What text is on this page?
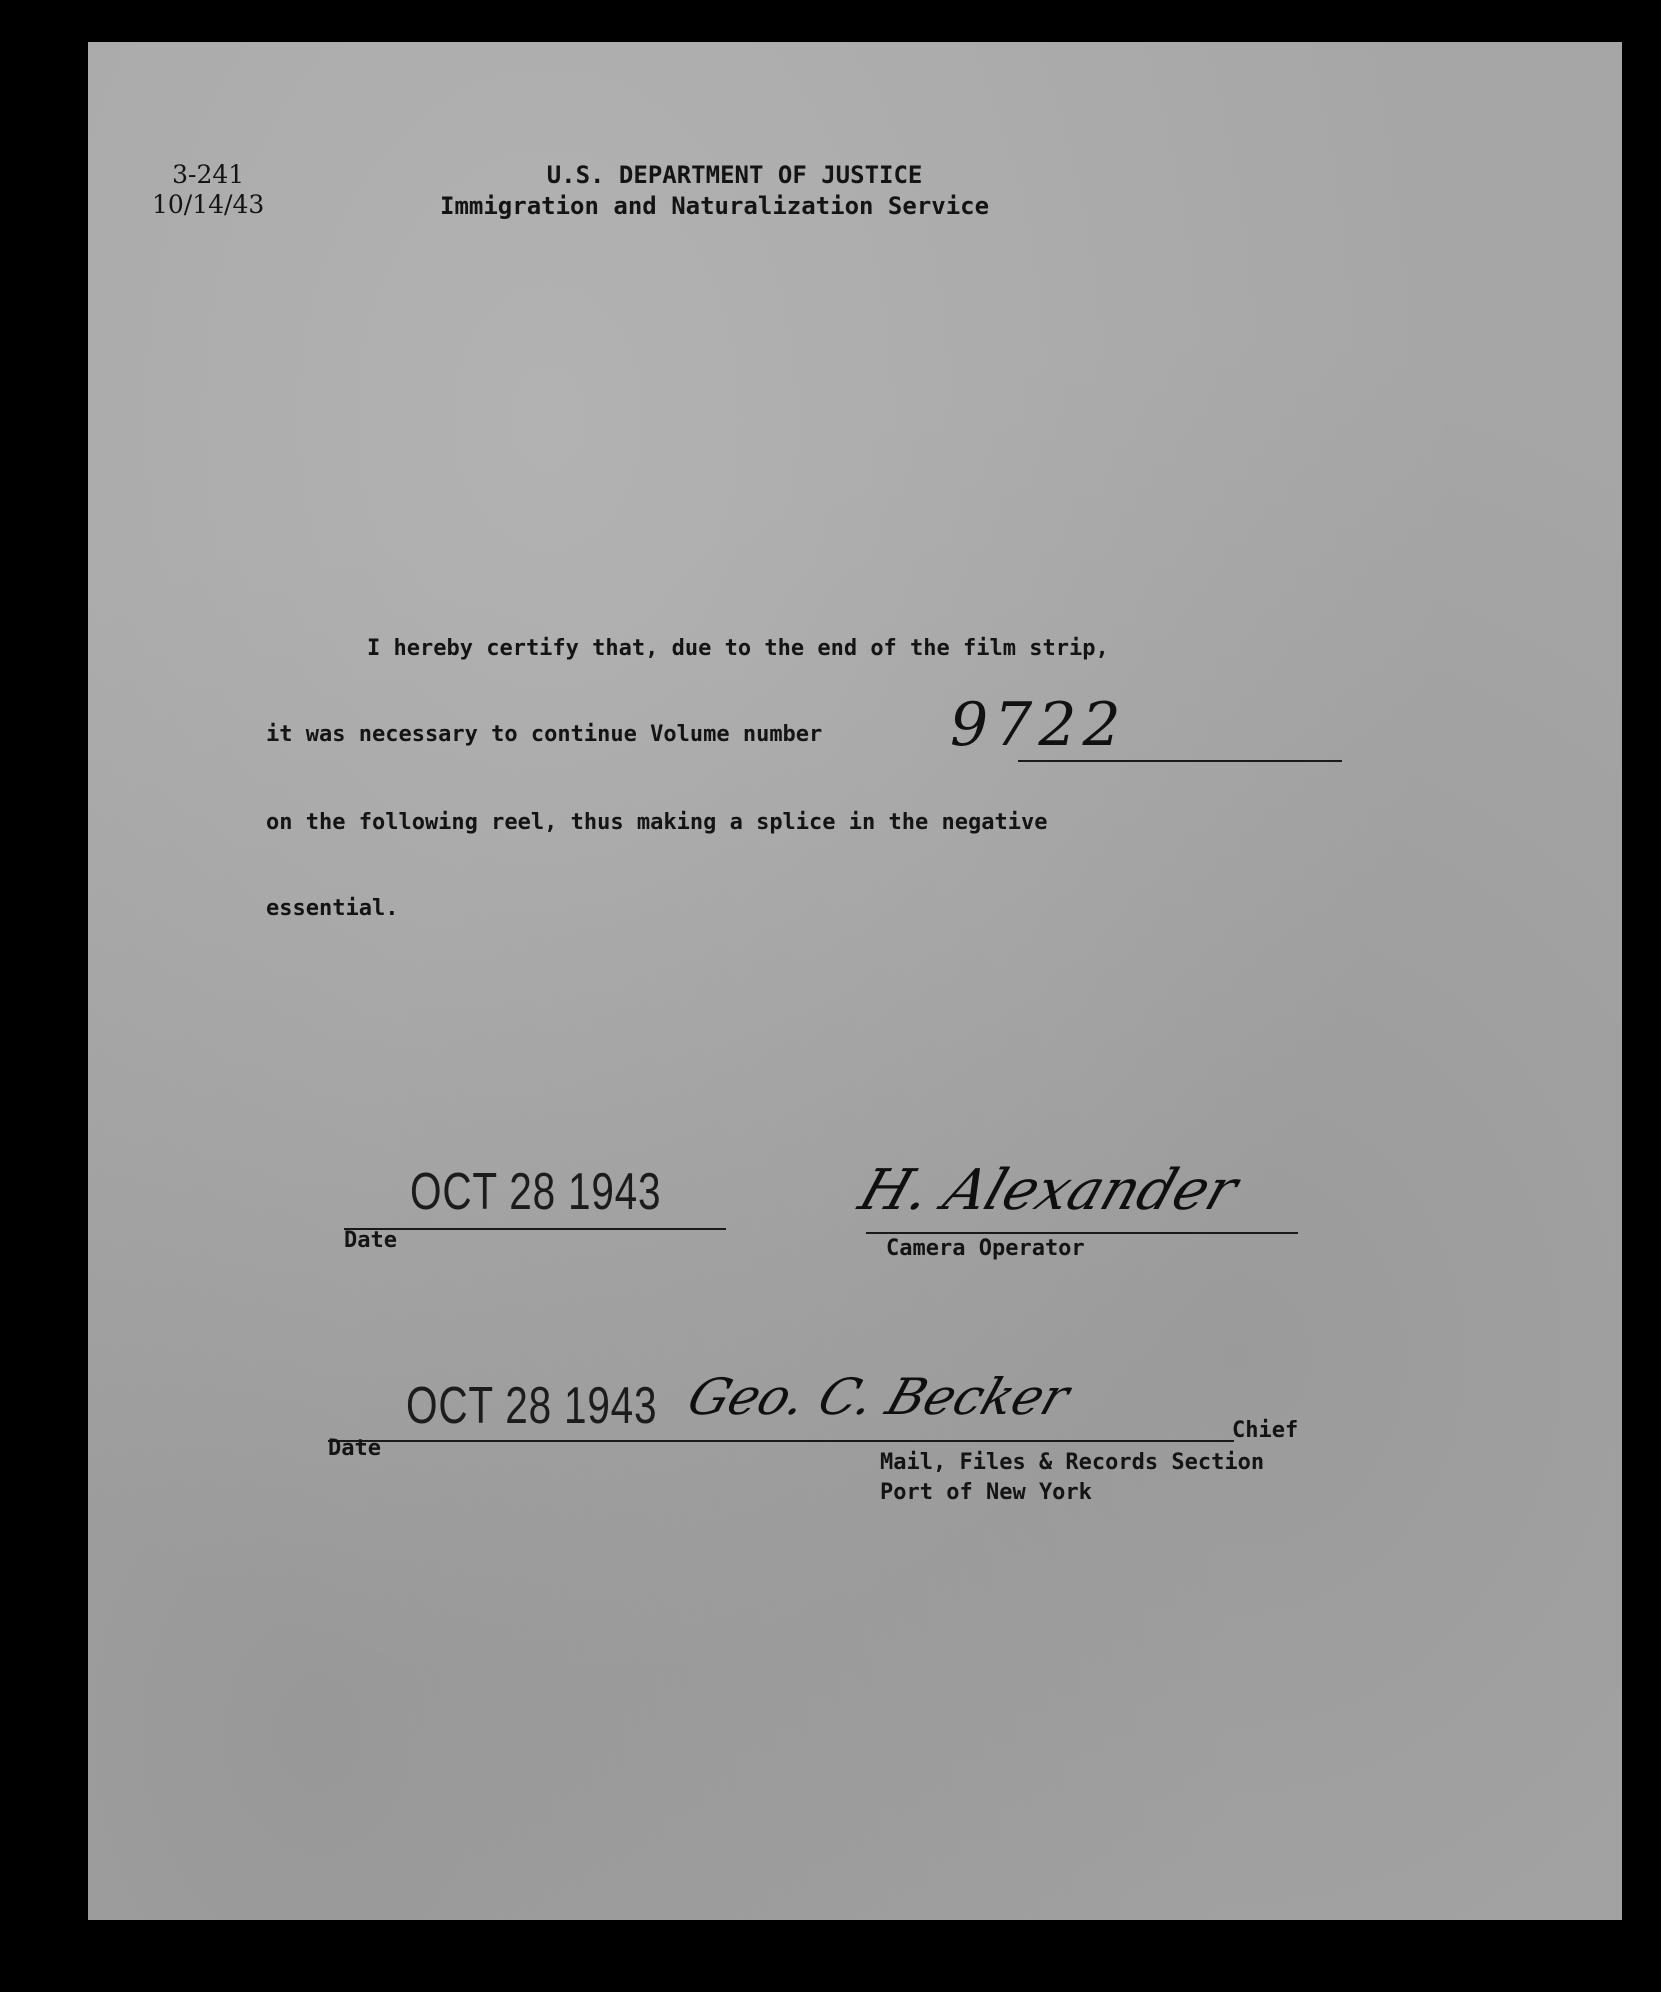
3-241
10/14/43
U.S. DEPARTMENT OF JUSTICE
Immigration and Naturalization Service
I hereby certify that, due to the end of the film strip,
it was necessary to continue Volume number 9722
on the following reel, thus making a splice in the negative
essential.
OCT 28 1943
Date
H. Alexander
Camera Operator
OCT 28 1943
Date
Geo. C. Becker
Chief
Mail, Files & Records Section
Port of New York
